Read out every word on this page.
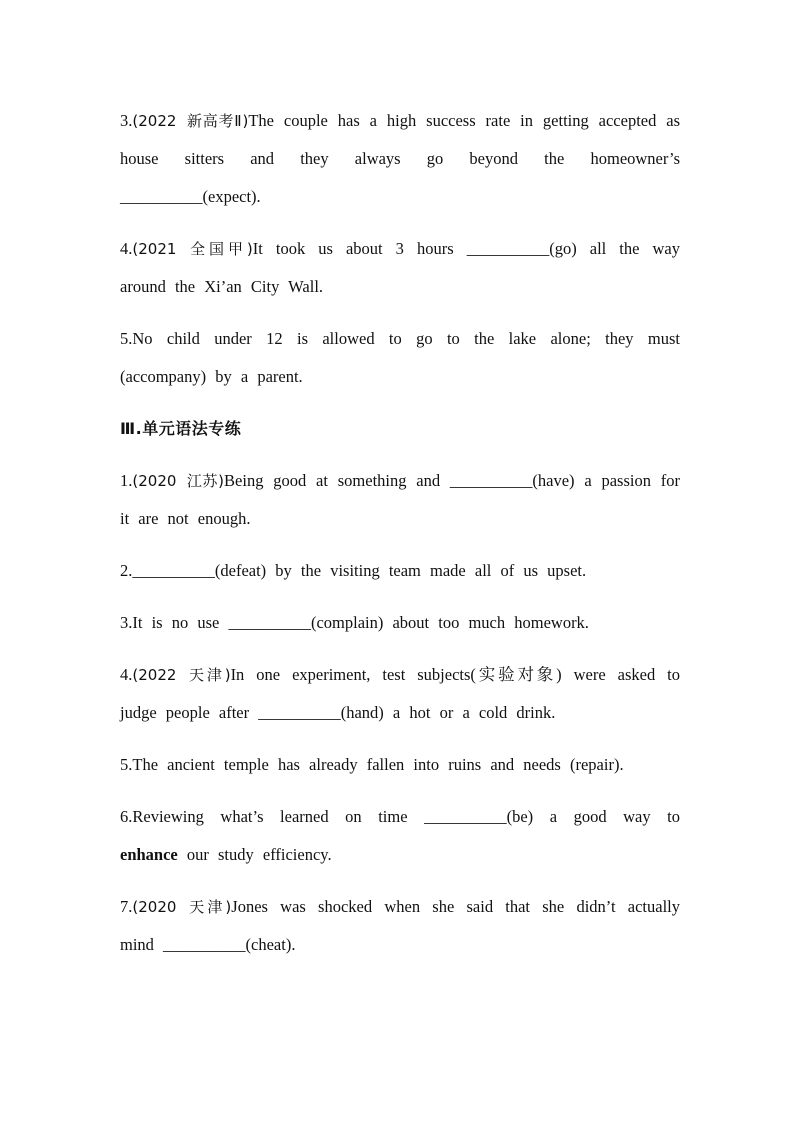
3.(2022 新高考Ⅱ)The couple has a high success rate in getting accepted as house sitters and they always go beyond the homeowner’s __________(expect).

4.(2021 全国甲)It took us about 3 hours __________(go) all the way around the Xi’an City Wall.

5.No child under 12 is allowed to go to the lake alone; they must (accompany) by a parent.

Ⅲ.单元语法专练

1.(2020 江苏)Being good at something and __________(have) a passion for it are not enough.

2.__________(defeat) by the visiting team made all of us upset.

3.It is no use __________(complain) about too much homework.

4.(2022 天津)In one experiment, test subjects(实验对象) were asked to judge people after __________(hand) a hot or a cold drink.

5.The ancient temple has already fallen into ruins and needs (repair).

6.Reviewing what’s learned on time __________(be) a good way to enhance our study efficiency.

7.(2020 天津)Jones was shocked when she said that she didn’t actually mind __________(cheat).
